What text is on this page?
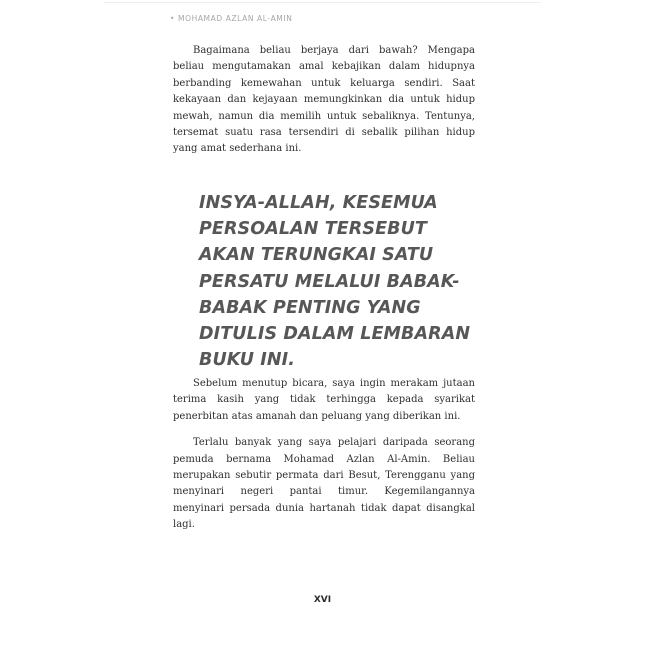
• MOHAMAD AZLAN AL-AMIN

Bagaimana beliau berjaya dari bawah? Mengapa beliau mengutamakan amal kebajikan dalam hidupnya berbanding kemewahan untuk keluarga sendiri. Saat kekayaan dan kejayaan memungkinkan dia untuk hidup mewah, namun dia memilih untuk sebaliknya. Tentunya, tersemat suatu rasa tersendiri di sebalik pilihan hidup yang amat sederhana ini.

INSYA-ALLAH, KESEMUA
PERSOALAN TERSEBUT
AKAN TERUNGKAI SATU
PERSATU MELALUI BABAK-
BABAK PENTING YANG
DITULIS DALAM LEMBARAN
BUKU INI.

Sebelum menutup bicara, saya ingin merakam jutaan terima kasih yang tidak terhingga kepada syarikat penerbitan atas amanah dan peluang yang diberikan ini.

Terlalu banyak yang saya pelajari daripada seorang pemuda bernama Mohamad Azlan Al-Amin. Beliau merupakan sebutir permata dari Besut, Terengganu yang menyinari negeri pantai timur. Kegemilangannya menyinari persada dunia hartanah tidak dapat disangkal lagi.

XVI
